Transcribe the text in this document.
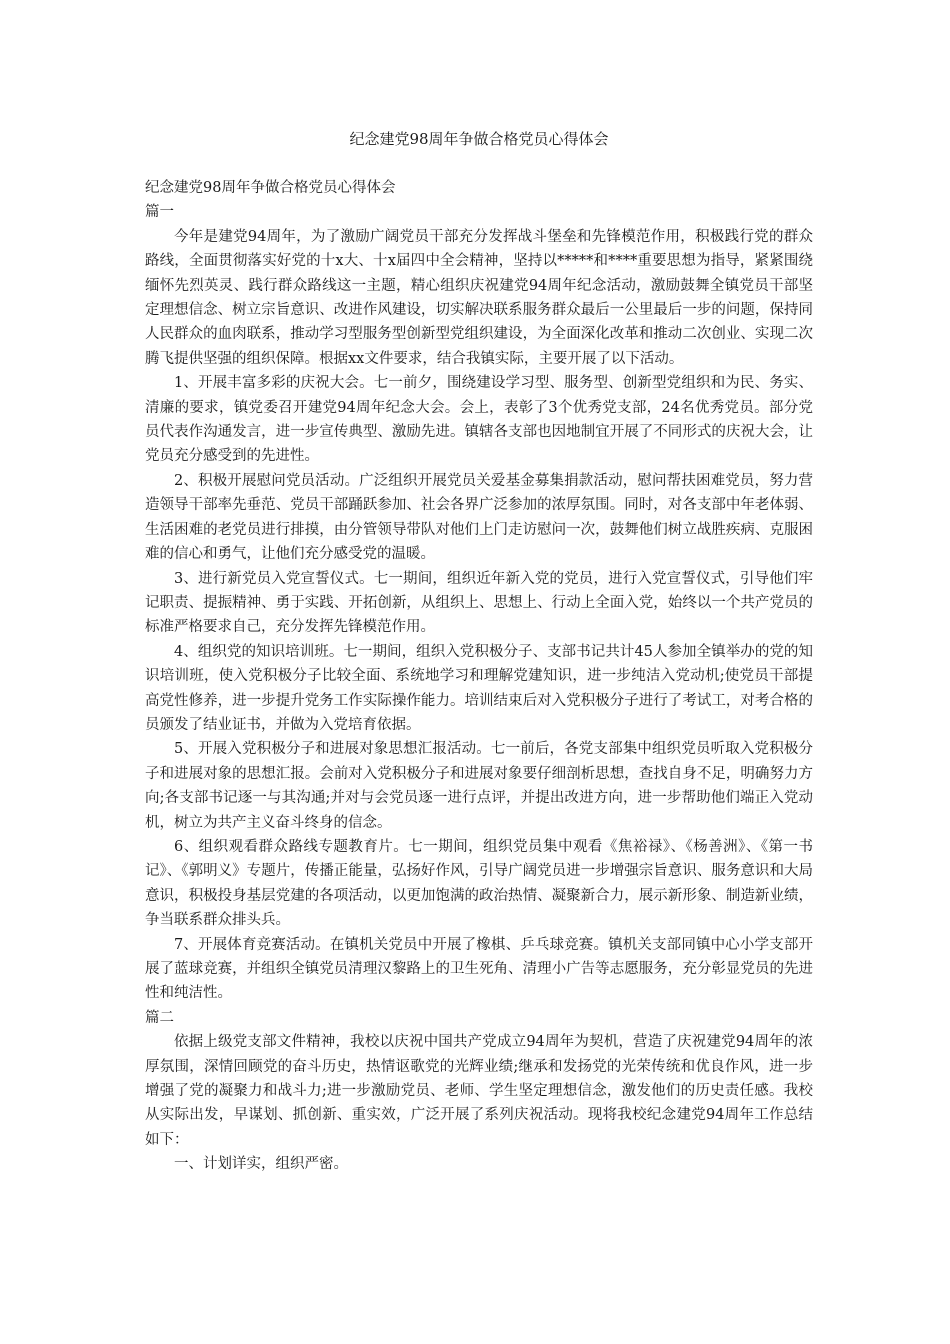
纪念建党98周年争做合格党员心得体会

纪念建党98周年争做合格党员心得体会

篇一

今年是建党94周年，为了激励广阔党员干部充分发挥战斗堡垒和先锋模范作用，积极践行党的群众路线，全面贯彻落实好党的十x大、十x届四中全会精神，坚持以*****和****重要思想为指导，紧紧围绕缅怀先烈英灵、践行群众路线这一主题，精心组织庆祝建党94周年纪念活动，激励鼓舞全镇党员干部坚定理想信念、树立宗旨意识、改进作风建设，切实解决联系服务群众最后一公里最后一步的问题，保持同人民群众的血肉联系，推动学习型服务型创新型党组织建设，为全面深化改革和推动二次创业、实现二次腾飞提供坚强的组织保障。根据xx文件要求，结合我镇实际，主要开展了以下活动。

1、开展丰富多彩的庆祝大会。七一前夕，围绕建设学习型、服务型、创新型党组织和为民、务实、清廉的要求，镇党委召开建党94周年纪念大会。会上，表彰了3个优秀党支部，24名优秀党员。部分党员代表作沟通发言，进一步宣传典型、激励先进。镇辖各支部也因地制宜开展了不同形式的庆祝大会，让党员充分感受到的先进性。

2、积极开展慰问党员活动。广泛组织开展党员关爱基金募集捐款活动，慰问帮扶困难党员，努力营造领导干部率先垂范、党员干部踊跃参加、社会各界广泛参加的浓厚氛围。同时，对各支部中年老体弱、生活困难的老党员进行排摸，由分管领导带队对他们上门走访慰问一次，鼓舞他们树立战胜疾病、克服困难的信心和勇气，让他们充分感受党的温暖。

3、进行新党员入党宣誓仪式。七一期间，组织近年新入党的党员，进行入党宣誓仪式，引导他们牢记职责、提振精神、勇于实践、开拓创新，从组织上、思想上、行动上全面入党，始终以一个共产党员的标准严格要求自己，充分发挥先锋模范作用。

4、组织党的知识培训班。七一期间，组织入党积极分子、支部书记共计45人参加全镇举办的党的知识培训班，使入党积极分子比较全面、系统地学习和理解党建知识，进一步纯洁入党动机;使党员干部提高党性修养，进一步提升党务工作实际操作能力。培训结束后对入党积极分子进行了考试工，对考合格的员颁发了结业证书，并做为入党培育依据。

5、开展入党积极分子和进展对象思想汇报活动。七一前后，各党支部集中组织党员听取入党积极分子和进展对象的思想汇报。会前对入党积极分子和进展对象要仔细剖析思想，查找自身不足，明确努力方向;各支部书记逐一与其沟通;并对与会党员逐一进行点评，并提出改进方向，进一步帮助他们端正入党动机，树立为共产主义奋斗终身的信念。

6、组织观看群众路线专题教育片。七一期间，组织党员集中观看《焦裕禄》、《杨善洲》、《第一书记》、《郭明义》专题片，传播正能量，弘扬好作风，引导广阔党员进一步增强宗旨意识、服务意识和大局意识，积极投身基层党建的各项活动，以更加饱满的政治热情、凝聚新合力，展示新形象、制造新业绩，争当联系群众排头兵。

7、开展体育竞赛活动。在镇机关党员中开展了橡棋、乒乓球竞赛。镇机关支部同镇中心小学支部开展了蓝球竞赛，并组织全镇党员清理汉黎路上的卫生死角、清理小广告等志愿服务，充分彰显党员的先进性和纯洁性。

篇二

依据上级党支部文件精神，我校以庆祝中国共产党成立94周年为契机，营造了庆祝建党94周年的浓厚氛围，深情回顾党的奋斗历史，热情讴歌党的光辉业绩;继承和发扬党的光荣传统和优良作风，进一步增强了党的凝聚力和战斗力;进一步激励党员、老师、学生坚定理想信念，激发他们的历史责任感。我校从实际出发，早谋划、抓创新、重实效，广泛开展了系列庆祝活动。现将我校纪念建党94周年工作总结如下：

一、计划详实，组织严密。
